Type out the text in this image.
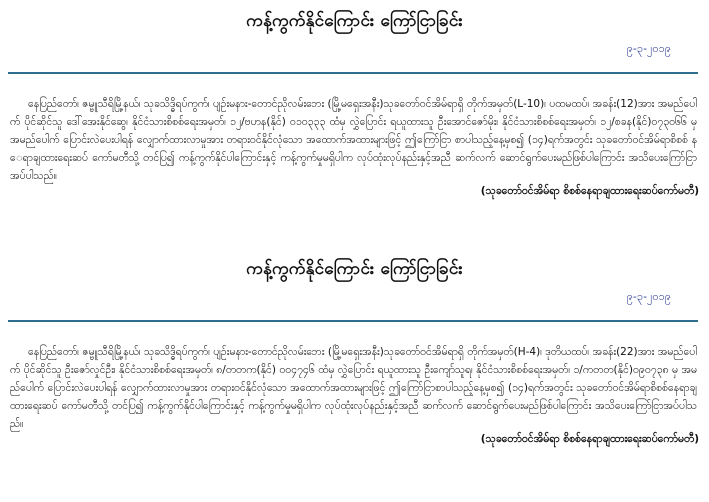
ကန့်ကွက်နိုင်ကြောင်း ကြော်ငြာခြင်း
၉-၃-၂၀၁၉

နေပြည်တော်၊ ဇမ္ဗူသီရိမြို့နယ်၊ သုခသိဒ္ဓိရပ်ကွက်၊ ပျဉ်းမနား-တောင်ညိုလမ်းဘေး (မြို့မရှေးအနီး)သုခတော်ဝင်အိမ်ရာရှိ တိုက်အမှတ်(L-10)၊ ပထမထပ်၊ အခန်း(12)အား အမည်ပေါက် ပိုင်ဆိုင်သူ ဒေါ်အေးနိုင်ဆွေ၊ နိုင်ငံသားစိစစ်ရေးအမှတ်၊ ၁၂/ဗဟန(နိုင်) ၀၁၀၃၃၃ ထံမှ လွှဲပြောင်း ရယူထားသူ ဦးအောင်ဇော်မိုး၊ နိုင်ငံသားစိစစ်ရေးအမှတ်၊ ၁၂/စခန(နိုင်)၀၇၃၀၆၆ မှအမည်ပေါက် ပြောင်းလဲပေးပါရန် လျှောက်ထားလာမှုအား တရားဝင်နိုင်လုံသော အထောက်အထားများဖြင့် ဤကြော်ငြာ စာပါသည့်နေ့မှစ၍ (၁၄)ရက်အတွင်း သုခတော်ဝင်အိမ်ရာစိစစ် နေရာချထားရေးဆပ် ကော်မတီသို့ တင်ပြ၍ ကန့်ကွက်နိုင်ပါကြောင်းနှင့် ကန့်ကွက်မှုမရှိပါက လုပ်ထုံးလုပ်နည်းနှင့်အညီ ဆက်လက် ဆောင်ရွက်ပေးမည်ဖြစ်ပါကြောင်း အသိပေးကြော်ငြာအပ်ပါသည်။

(သုခတော်ဝင်အိမ်ရာ စိစစ်နေရာချထားရေးဆပ်ကော်မတီ)
ကန့်ကွက်နိုင်ကြောင်း ကြော်ငြာခြင်း
၉-၃-၂၀၁၉

နေပြည်တော်၊ ဇမ္ဗူသီရိမြို့နယ်၊ သုခသိဒ္ဓိရပ်ကွက်၊ ပျဉ်းမနား-တောင်ညိုလမ်းဘေး (မြို့မရှေးအနီး)သုခတော်ဝင်အိမ်ရာရှိ တိုက်အမှတ်(H-4)၊ ဒုတိယထပ်၊ အခန်း(22)အား အမည်ပေါက် ပိုင်ဆိုင်သူ ဦးဇော်လှုင်ဦး၊ နိုင်ငံသားစိစစ်ရေးအမှတ်၊ ၈/တတက(နိုင်) ၀၀၄၇၄၆ ထံမှ လွှဲပြောင်း ရယူထားသူ ဦးကျော်သူရ၊ နိုင်ငံသားစိစစ်ရေးအမှတ်၊ ၁/ကတတ(နိုင်)၀၉၀၇၃၈ မှ အမည်ပေါက် ပြောင်းလဲပေးပါရန် လျှောက်ထားလာမှုအား တရားဝင်နိုင်လုံသော အထောက်အထားများဖြင့် ဤကြော်ငြာစာပါသည့်နေ့မှစ၍ (၁၄)ရက်အတွင်း သုခတော်ဝင်အိမ်ရာစိစစ်နေရာချထားရေးဆပ် ကော်မတီသို့ တင်ပြ၍ ကန့်ကွက်နိုင်ပါကြောင်းနှင့် ကန့်ကွက်မှုမရှိပါက လုပ်ထုံးလုပ်နည်းနှင့်အညီ ဆက်လက် ဆောင်ရွက်ပေးမည်ဖြစ်ပါကြောင်း အသိပေးကြော်ငြာအပ်ပါသည်။

(သုခတော်ဝင်အိမ်ရာ စိစစ်နေရာချထားရေးဆပ်ကော်မတီ)
